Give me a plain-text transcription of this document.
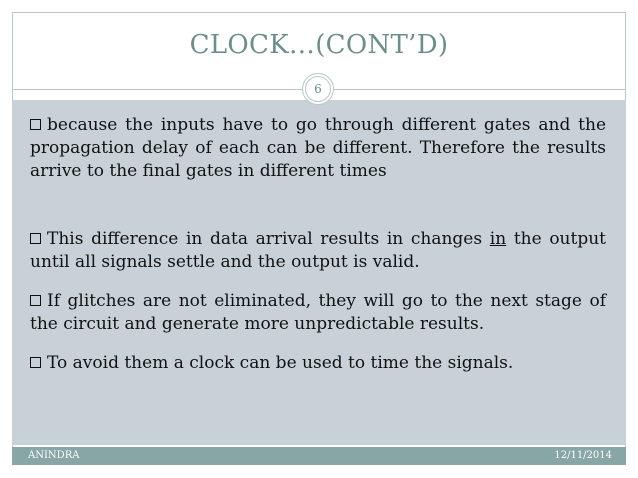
CLOCK…(CONT’D)
6

because the inputs have to go through different gates and the propagation delay of each can be different. Therefore the results arrive to the final gates in different times

This difference in data arrival results in changes in the output until all signals settle and the output is valid.

If glitches are not eliminated, they will go to the next stage of the circuit and generate more unpredictable results.

To avoid them a clock can be used to time the signals.

ANINDRA	12/11/2014
